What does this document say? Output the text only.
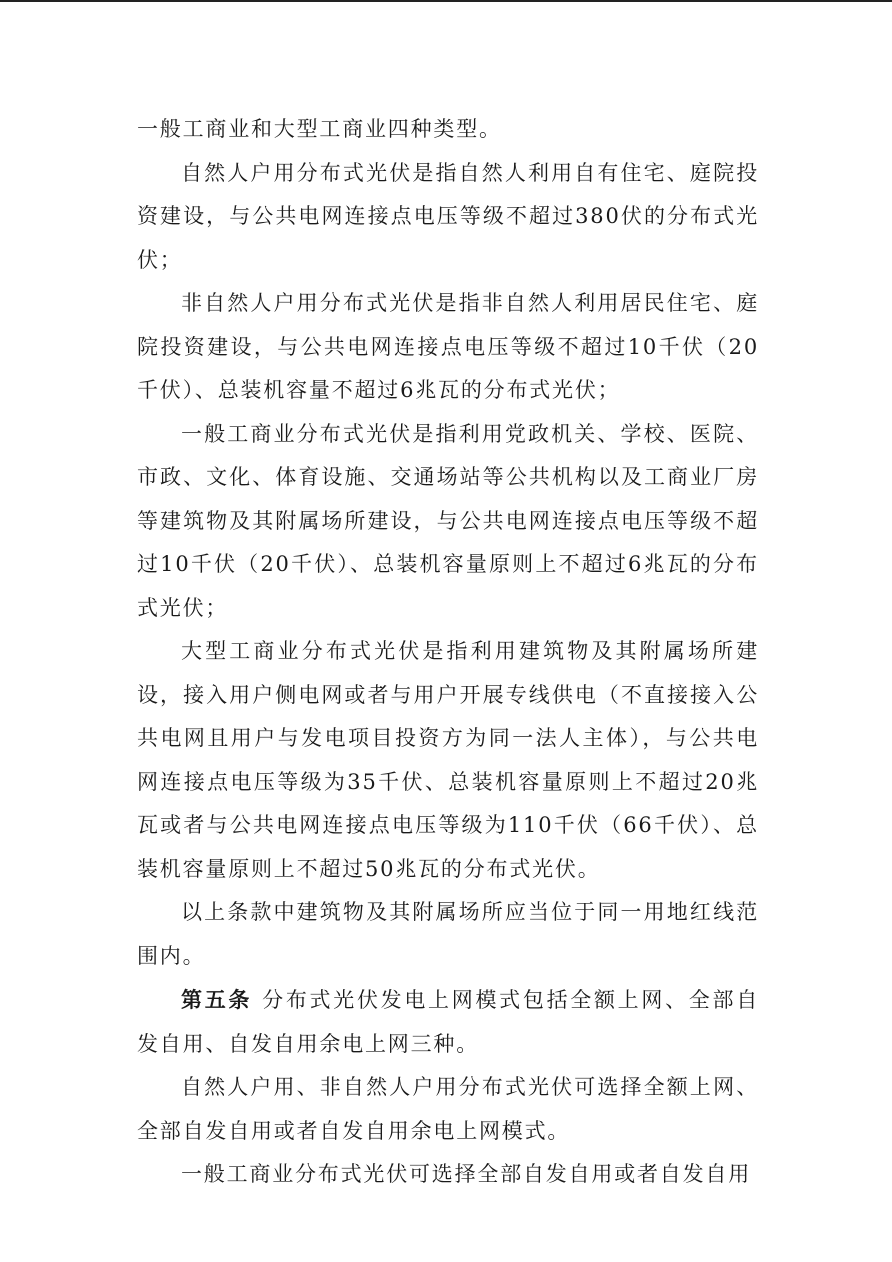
一般工商业和大型工商业四种类型。

自然人户用分布式光伏是指自然人利用自有住宅、庭院投资建设，与公共电网连接点电压等级不超过380伏的分布式光伏；

非自然人户用分布式光伏是指非自然人利用居民住宅、庭院投资建设，与公共电网连接点电压等级不超过10千伏（20千伏）、总装机容量不超过6兆瓦的分布式光伏；

一般工商业分布式光伏是指利用党政机关、学校、医院、市政、文化、体育设施、交通场站等公共机构以及工商业厂房等建筑物及其附属场所建设，与公共电网连接点电压等级不超过10千伏（20千伏）、总装机容量原则上不超过6兆瓦的分布式光伏；

大型工商业分布式光伏是指利用建筑物及其附属场所建设，接入用户侧电网或者与用户开展专线供电（不直接接入公共电网且用户与发电项目投资方为同一法人主体），与公共电网连接点电压等级为35千伏、总装机容量原则上不超过20兆瓦或者与公共电网连接点电压等级为110千伏（66千伏）、总装机容量原则上不超过50兆瓦的分布式光伏。

以上条款中建筑物及其附属场所应当位于同一用地红线范围内。

第五条 分布式光伏发电上网模式包括全额上网、全部自发自用、自发自用余电上网三种。

自然人户用、非自然人户用分布式光伏可选择全额上网、全部自发自用或者自发自用余电上网模式。

一般工商业分布式光伏可选择全部自发自用或者自发自用
